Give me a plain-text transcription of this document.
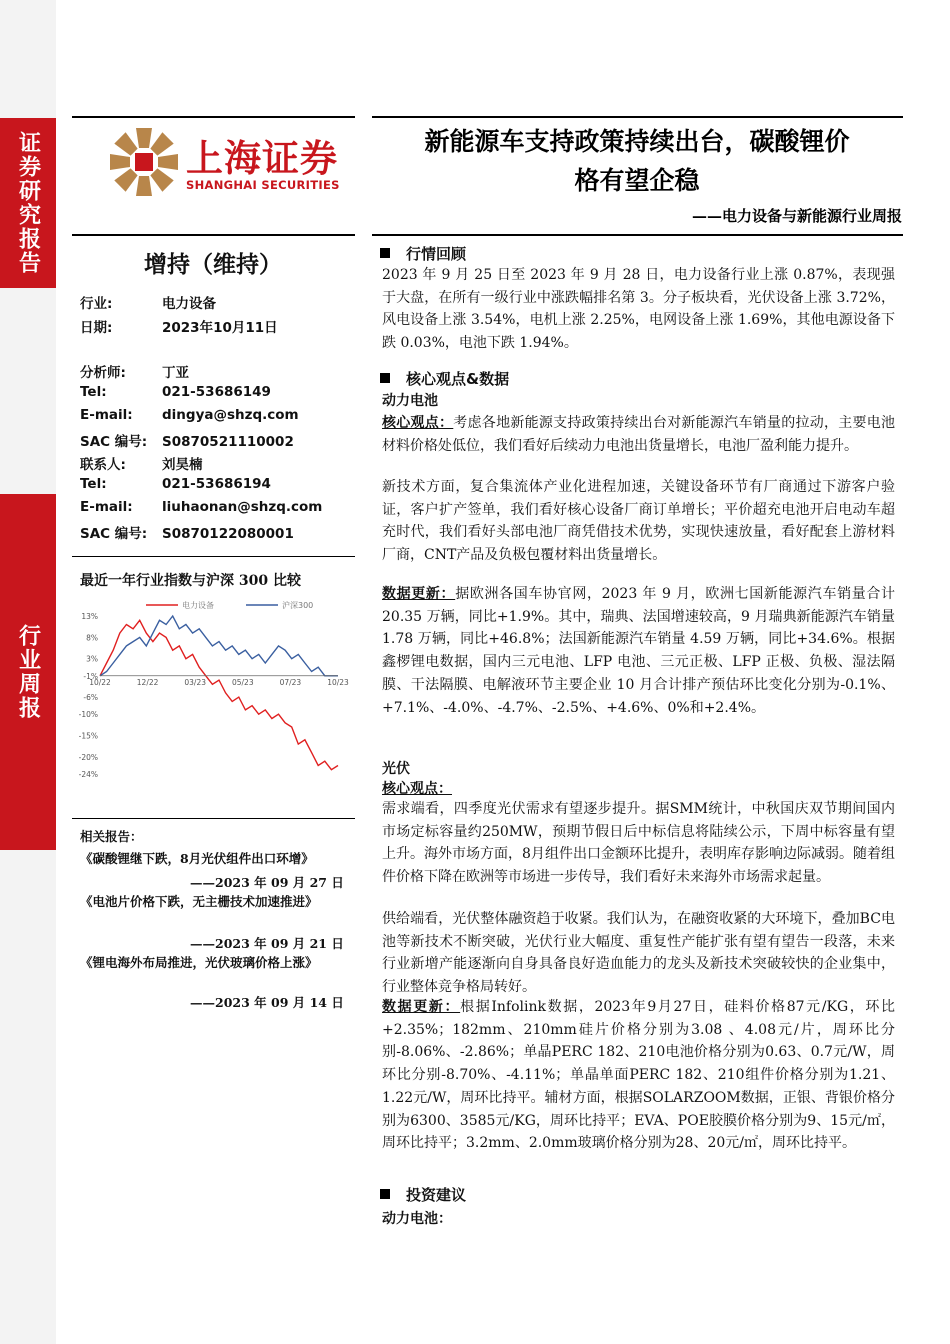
证券研究报告
行业周报
上海证券
SHANGHAI SECURITIES
新能源车支持政策持续出台，碳酸锂价
格有望企稳
——电力设备与新能源行业周报
增持（维持）
行业:	电力设备
日期:	2023年10月11日
分析师:	丁亚
Tel:	021-53686149
E-mail: dingya@shzq.com
SAC 编号: S0870521110002
联系人:	刘昊楠
Tel:	021-53686194
E-mail: liuhaonan@shzq.com
SAC 编号: S0870122080001
最近一年行业指数与沪深 300 比较
13%
8%
3%
-1%
-6%
-10%
-15%
-20%
-24%
10/22	12/22	03/23	05/23	07/23	10/23
电力设备	沪深300
相关报告：
《碳酸锂继下跌，8月光伏组件出口环增》
——2023 年 09 月 27 日
《电池片价格下跌，无主栅技术加速推进》
——2023 年 09 月 21 日
《锂电海外布局推进，光伏玻璃价格上涨》
——2023 年 09 月 14 日
行情回顾
2023 年 9 月 25 日至 2023 年 9 月 28 日，电力设备行业上涨 0.87%，表现强于大盘，在所有一级行业中涨跌幅排名第 3。分子板块看，光伏设备上涨 3.72%，风电设备上涨 3.54%，电机上涨 2.25%，电网设备上涨 1.69%，其他电源设备下跌 0.03%，电池下跌 1.94%。
核心观点&数据
动力电池
核心观点：考虑各地新能源支持政策持续出台对新能源汽车销量的拉动，主要电池材料价格处低位，我们看好后续动力电池出货量增长，电池厂盈利能力提升。
新技术方面，复合集流体产业化进程加速，关键设备环节有厂商通过下游客户验证，客户扩产签单，我们看好核心设备厂商订单增长；平价超充电池开启电动车超充时代，我们看好头部电池厂商凭借技术优势，实现快速放量，看好配套上游材料厂商，CNT产品及负极包覆材料出货量增长。
数据更新：据欧洲各国车协官网，2023 年 9 月，欧洲七国新能源汽车销量合计 20.35 万辆，同比+1.9%。其中，瑞典、法国增速较高，9 月瑞典新能源汽车销量 1.78 万辆，同比+46.8%；法国新能源汽车销量 4.59 万辆，同比+34.6%。根据鑫椤锂电数据，国内三元电池、LFP 电池、三元正极、LFP 正极、负极、湿法隔膜、干法隔膜、电解液环节主要企业 10 月合计排产预估环比变化分别为-0.1%、+7.1%、-4.0%、-4.7%、-2.5%、+4.6%、0%和+2.4%。
光伏
核心观点：
需求端看，四季度光伏需求有望逐步提升。据SMM统计，中秋国庆双节期间国内市场定标容量约250MW，预期节假日后中标信息将陆续公示，下周中标容量有望上升。海外市场方面，8月组件出口金额环比提升，表明库存影响边际减弱。随着组件价格下降在欧洲等市场进一步传导，我们看好未来海外市场需求起量。
供给端看，光伏整体融资趋于收紧。我们认为，在融资收紧的大环境下，叠加BC电池等新技术不断突破，光伏行业大幅度、重复性产能扩张有望有望告一段落，未来行业新增产能逐渐向自身具备良好造血能力的龙头及新技术突破较快的企业集中，行业整体竞争格局转好。
数据更新：根据Infolink数据，2023年9月27日，硅料价格87元/KG，环比+2.35%；182mm、210mm硅片价格分别为3.08 、4.08元/片，周环比分别-8.06%、-2.86%；单晶PERC 182、210电池价格分别为0.63、0.7元/W，周环比分别-8.70%、-4.11%；单晶单面PERC 182、210组件价格分别为1.21、1.22元/W，周环比持平。辅材方面，根据SOLARZOOM数据，正银、背银价格分别为6300、3585元/KG，周环比持平；EVA、POE胶膜价格分别为9、15元/㎡，周环比持平；3.2mm、2.0mm玻璃价格分别为28、20元/㎡，周环比持平。
投资建议
动力电池：
